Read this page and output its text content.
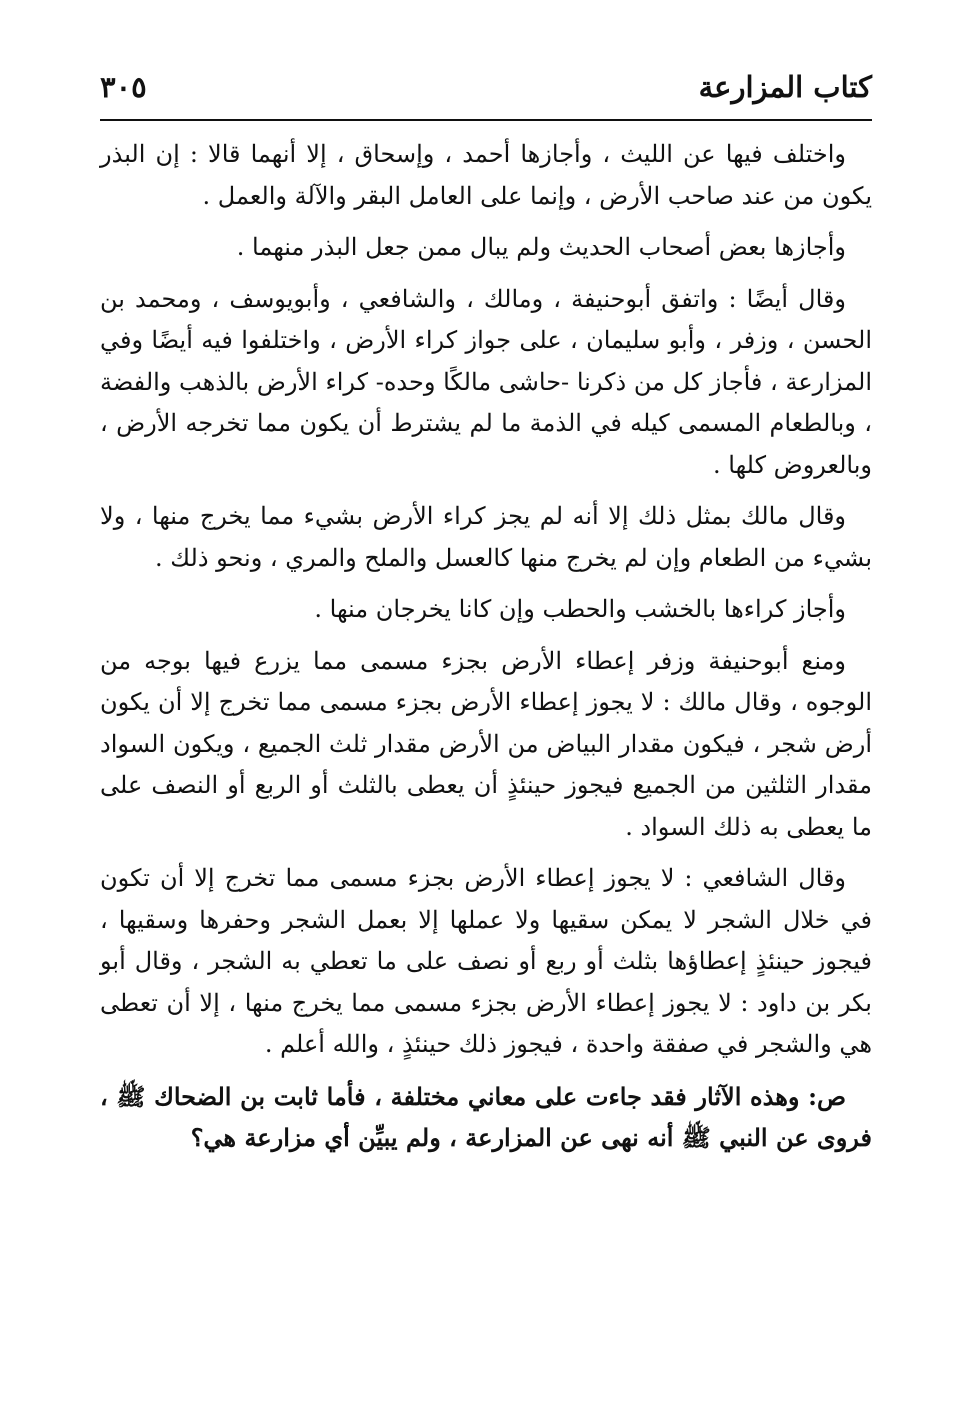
كتاب المزارعة
٣٠٥

واختلف فيها عن الليث ، وأجازها أحمد ، وإسحاق ، إلا أنهما قالا : إن البذر يكون من عند صاحب الأرض ، وإنما على العامل البقر والآلة والعمل .

وأجازها بعض أصحاب الحديث ولم يبال ممن جعل البذر منهما .

وقال أيضًا : واتفق أبوحنيفة ، ومالك ، والشافعي ، وأبويوسف ، ومحمد بن الحسن ، وزفر ، وأبو سليمان ، على جواز كراء الأرض ، واختلفوا فيه أيضًا وفي المزارعة ، فأجاز كل من ذكرنا -حاشى مالكًا وحده- كراء الأرض بالذهب والفضة ، وبالطعام المسمى كيله في الذمة ما لم يشترط أن يكون مما تخرجه الأرض ، وبالعروض كلها .

وقال مالك بمثل ذلك إلا أنه لم يجز كراء الأرض بشيء مما يخرج منها ، ولا بشيء من الطعام وإن لم يخرج منها كالعسل والملح والمري ، ونحو ذلك .

وأجاز كراءها بالخشب والحطب وإن كانا يخرجان منها .

ومنع أبوحنيفة وزفر إعطاء الأرض بجزء مسمى مما يزرع فيها بوجه من الوجوه ، وقال مالك : لا يجوز إعطاء الأرض بجزء مسمى مما تخرج إلا أن يكون أرض شجر ، فيكون مقدار البياض من الأرض مقدار ثلث الجميع ، ويكون السواد مقدار الثلثين من الجميع فيجوز حينئذٍ أن يعطى بالثلث أو الربع أو النصف على ما يعطى به ذلك السواد .

وقال الشافعي : لا يجوز إعطاء الأرض بجزء مسمى مما تخرج إلا أن تكون في خلال الشجر لا يمكن سقيها ولا عملها إلا بعمل الشجر وحفرها وسقيها ، فيجوز حينئذٍ إعطاؤها بثلث أو ربع أو نصف على ما تعطي به الشجر ، وقال أبو بكر بن داود : لا يجوز إعطاء الأرض بجزء مسمى مما يخرج منها ، إلا أن تعطى هي والشجر في صفقة واحدة ، فيجوز ذلك حينئذٍ ، والله أعلم .

ص: وهذه الآثار فقد جاءت على معاني مختلفة ، فأما ثابت بن الضحاك ﷺ ، فروى عن النبي ﷺ أنه نهى عن المزارعة ، ولم يبيِّن أي مزارعة هي؟
